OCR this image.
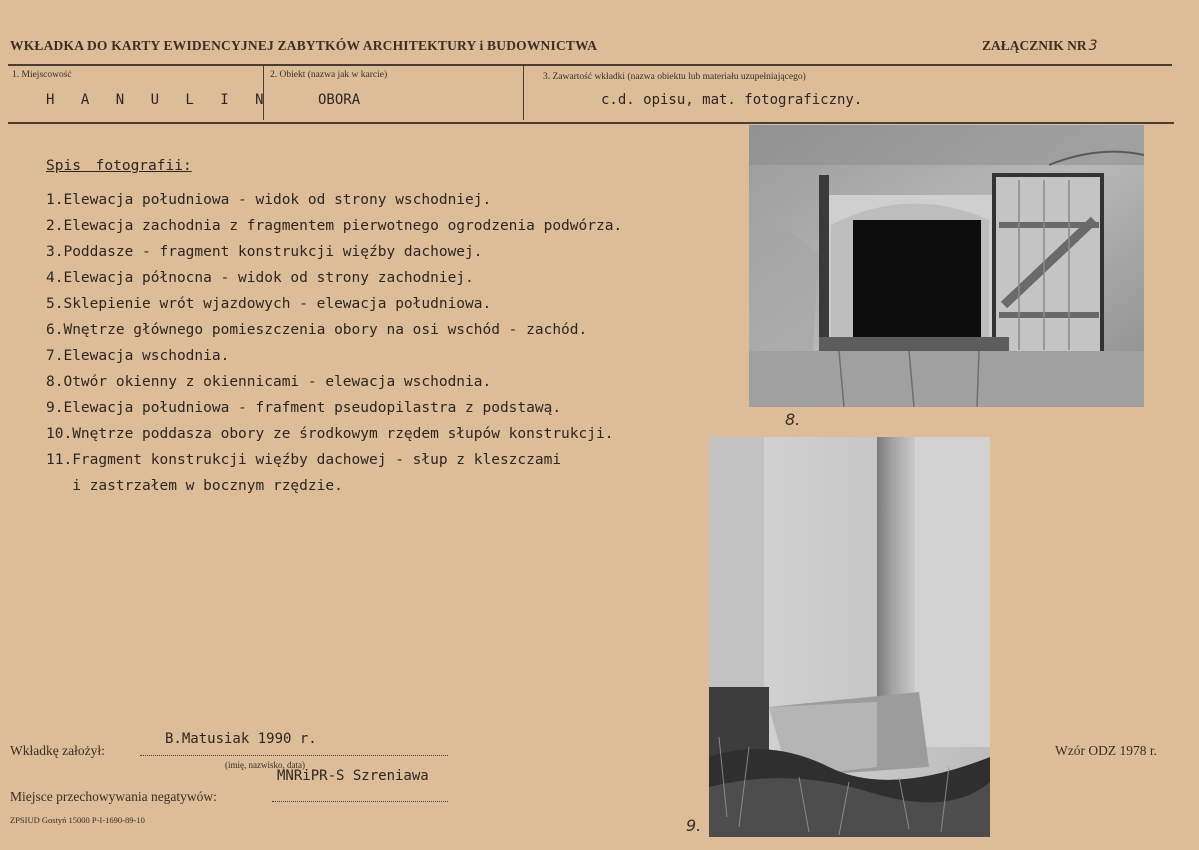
WKŁADKA DO KARTY EWIDENCYJNEJ ZABYTKÓW ARCHITEKTURY i BUDOWNICTWA	ZAŁĄCZNIK NR 3
1. Miejscowość
H A N U L I N
2. Obiekt (nazwa jak w karcie)
OBORA
3. Zawartość wkładki (nazwa obiektu lub materiału uzupełniającego)
c.d. opisu, mat. fotograficzny.
Spis fotografii:
1.Elewacja południowa - widok od strony wschodniej.
2.Elewacja zachodnia z fragmentem pierwotnego ogrodzenia podwórza.
3.Poddasze - fragment konstrukcji więźby dachowej.
4.Elewacja północna - widok od strony zachodniej.
5.Sklepienie wrót wjazdowych - elewacja południowa.
6.Wnętrze głównego pomieszczenia obory na osi wschód - zachód.
7.Elewacja wschodnia.
8.Otwór okienny z okiennicami - elewacja wschodnia.
9.Elewacja południowa - frafment pseudopilastra z podstawą.
10.Wnętrze poddasza obory ze środkowym rzędem słupów konstrukcji.
11.Fragment konstrukcji więźby dachowej - słup z kleszczami
i zastrzałem w bocznym rzędzie.
8.
9.
B.Matusiak 1990 r.
Wkładkę założył:
(imię, nazwisko, data)
MNRiPR-S Szreniawa
Miejsce przechowywania negatywów:
ZPSIUD Gostyń 15000 P-I-1690-89-10
Wzór ODZ 1978 r.
